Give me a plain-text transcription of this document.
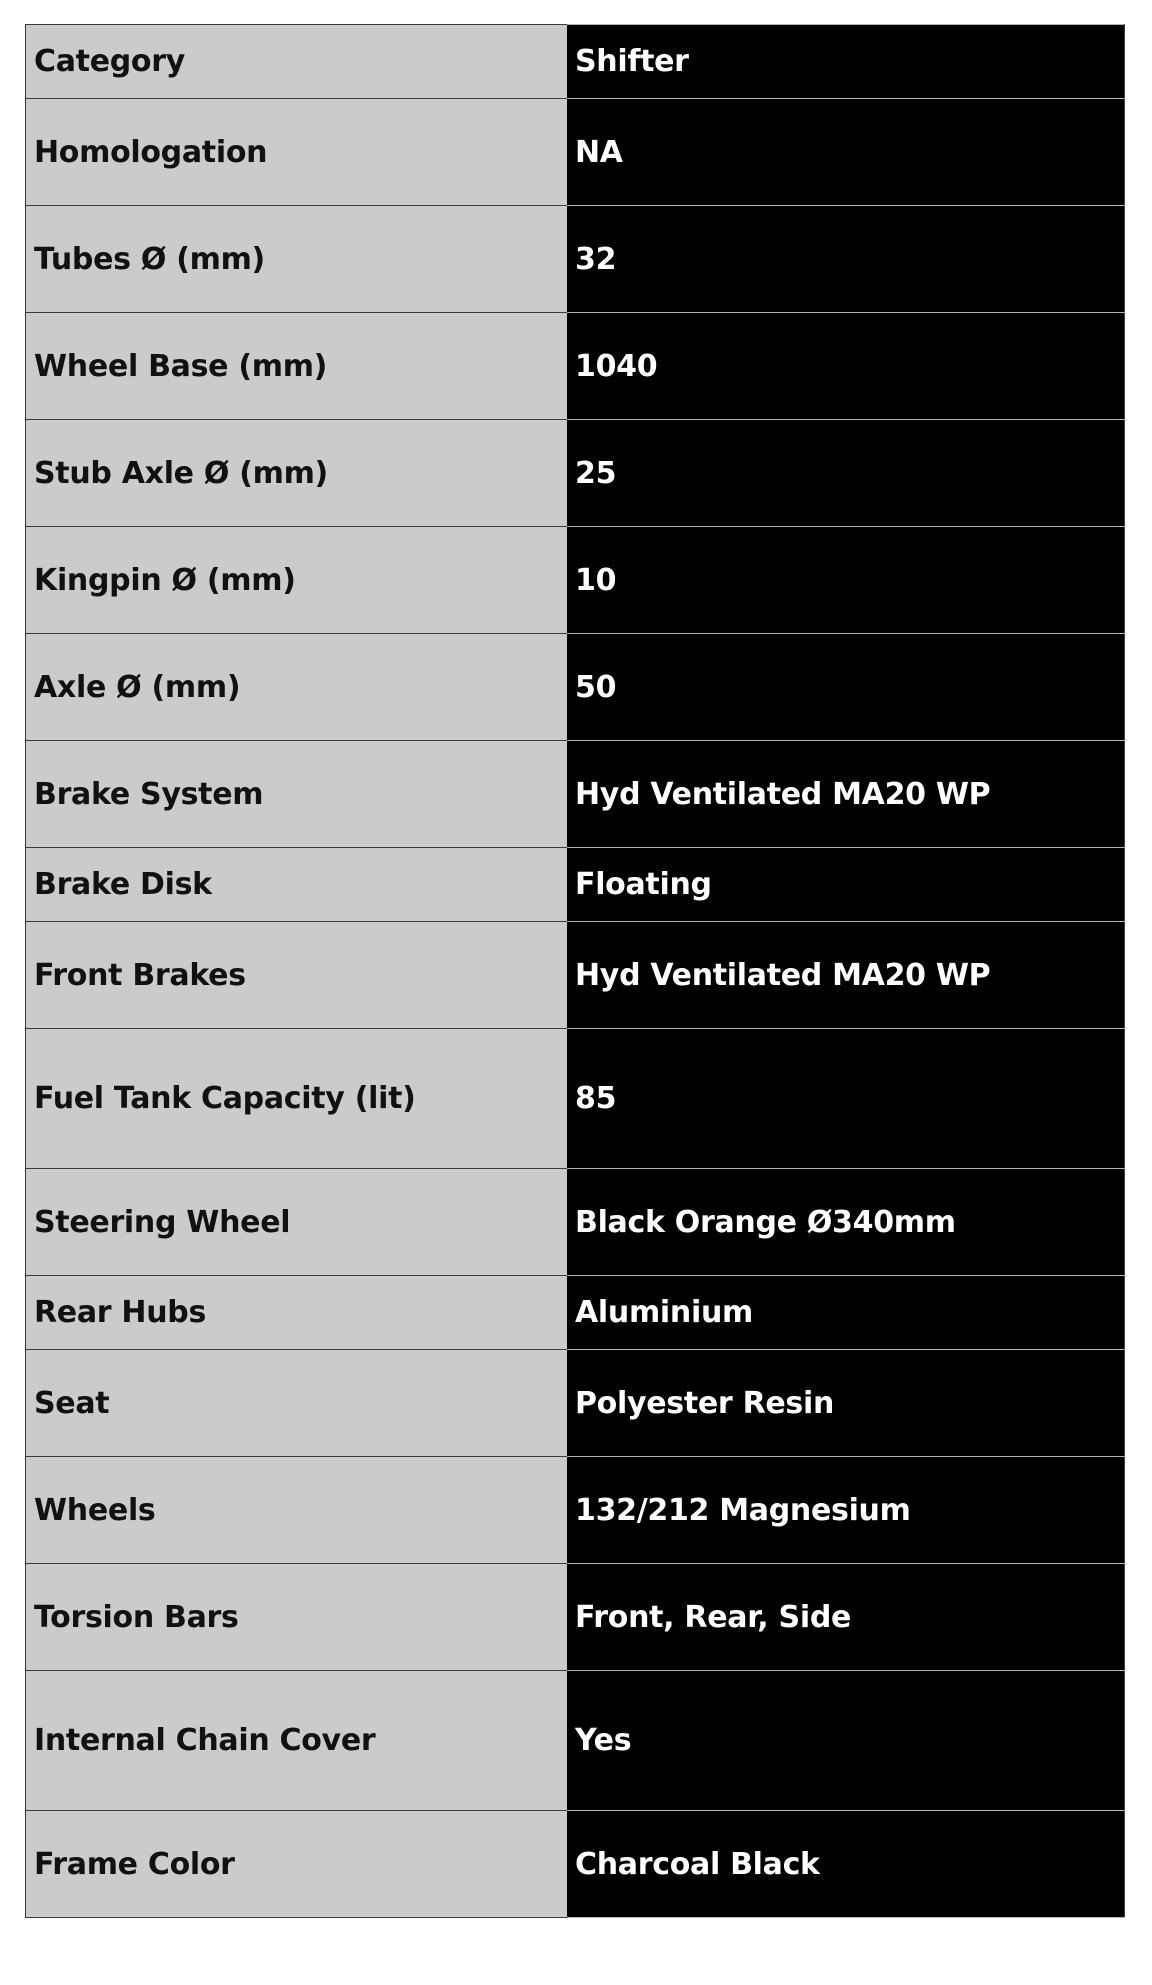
Category	Shifter
Homologation	NA
Tubes Ø (mm)	32
Wheel Base (mm)	1040
Stub Axle Ø (mm)	25
Kingpin Ø (mm)	10
Axle Ø (mm)	50
Brake System	Hyd Ventilated MA20 WP
Brake Disk	Floating
Front Brakes	Hyd Ventilated MA20 WP
Fuel Tank Capacity (lit)	85
Steering Wheel	Black Orange Ø340mm
Rear Hubs	Aluminium
Seat	Polyester Resin
Wheels	132/212 Magnesium
Torsion Bars	Front, Rear, Side
Internal Chain Cover	Yes
Frame Color	Charcoal Black
